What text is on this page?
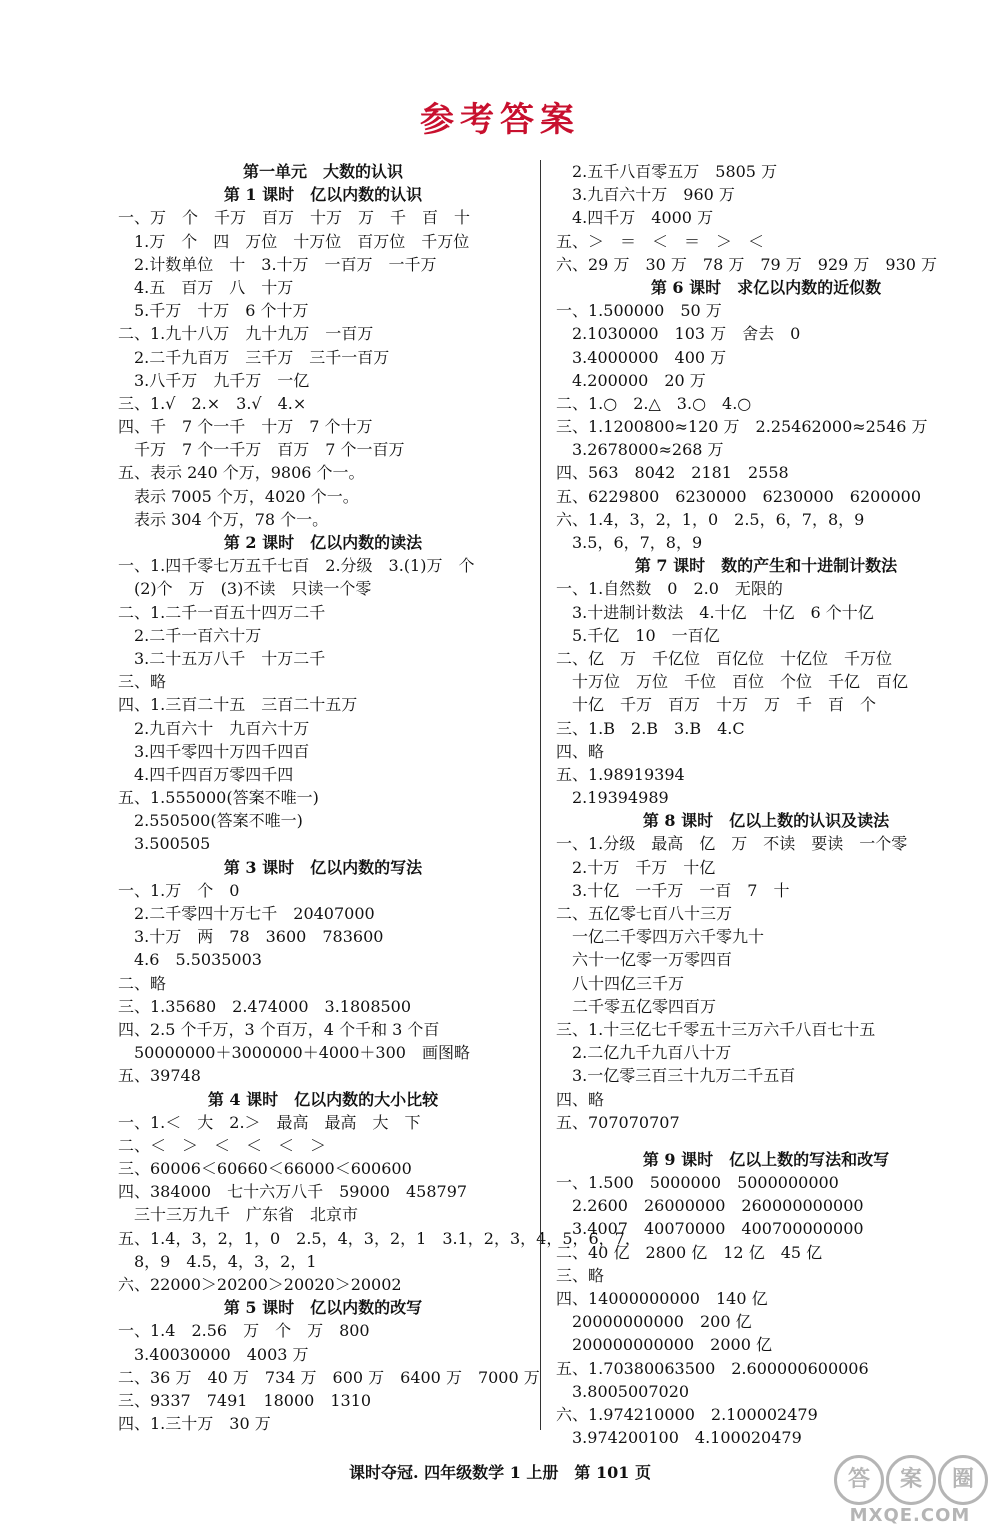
参考答案
第一单元　大数的认识
第 1 课时　亿以内数的认识
一、万　个　千万　百万　十万　万　千　百　十
　1.万　个　四　万位　十万位　百万位　千万位
　2.计数单位　十　3.十万　一百万　一千万
　4.五　百万　八　十万
　5.千万　十万　6 个十万
二、1.九十八万　九十九万　一百万
　2.二千九百万　三千万　三千一百万
　3.八千万　九千万　一亿
三、1.√　2.×　3.√　4.×
四、千　7 个一千　十万　7 个十万
　千万　7 个一千万　百万　7 个一百万
五、表示 240 个万，9806 个一。
　表示 7005 个万，4020 个一。
　表示 304 个万，78 个一。
第 2 课时　亿以内数的读法
一、1.四千零七万五千七百　2.分级　3.(1)万　个
　(2)个　万　(3)不读　只读一个零
二、1.二千一百五十四万二千
　2.二千一百六十万
　3.二十五万八千　十万二千
三、略
四、1.三百二十五　三百二十五万
　2.九百六十　九百六十万
　3.四千零四十万四千四百
　4.四千四百万零四千四
五、1.555000(答案不唯一)
　2.550500(答案不唯一)
　3.500505
第 3 课时　亿以内数的写法
一、1.万　个　0
　2.二千零四十万七千　20407000
　3.十万　两　78　3600　783600
　4.6　5.5035003
二、略
三、1.35680　2.474000　3.1808500
四、2.5 个千万，3 个百万，4 个千和 3 个百
　50000000＋3000000＋4000＋300　画图略
五、39748
第 4 课时　亿以内数的大小比较
一、1.＜　大　2.＞　最高　最高　大　下
二、＜　＞　＜　＜　＜　＞
三、60006＜60660＜66000＜600600
四、384000　七十六万八千　59000　458797
　三十三万九千　广东省　北京市
五、1.4，3，2，1，0　2.5，4，3，2，1　3.1，2，3，4，5，6，7，
　8，9　4.5，4，3，2，1
六、22000＞20200＞20020＞20002
第 5 课时　亿以内数的改写
一、1.4　2.56　万　个　万　800
　3.40030000　4003 万
二、36 万　40 万　734 万　600 万　6400 万　7000 万
三、9337　7491　18000　1310
四、1.三十万　30 万
　2.五千八百零五万　5805 万
　3.九百六十万　960 万
　4.四千万　4000 万
五、＞　＝　＜　＝　＞　＜
六、29 万　30 万　78 万　79 万　929 万　930 万
第 6 课时　求亿以内数的近似数
一、1.500000　50 万
　2.1030000　103 万　舍去　0
　3.4000000　400 万
　4.200000　20 万
二、1.○　2.△　3.○　4.○
三、1.1200800≈120 万　2.25462000≈2546 万
　3.2678000≈268 万
四、563　8042　2181　2558
五、6229800　6230000　6230000　6200000
六、1.4，3，2，1，0　2.5，6，7，8，9
　3.5，6，7，8，9
第 7 课时　数的产生和十进制计数法
一、1.自然数　0　2.0　无限的
　3.十进制计数法　4.十亿　十亿　6 个十亿
　5.千亿　10　一百亿
二、亿　万　千亿位　百亿位　十亿位　千万位
　十万位　万位　千位　百位　个位　千亿　百亿
　十亿　千万　百万　十万　万　千　百　个
三、1.B　2.B　3.B　4.C
四、略
五、1.98919394
　2.19394989
第 8 课时　亿以上数的认识及读法
一、1.分级　最高　亿　万　不读　要读　一个零
　2.十万　千万　十亿
　3.十亿　一千万　一百　7　十
二、五亿零七百八十三万
　一亿二千零四万六千零九十
　六十一亿零一万零四百
　八十四亿三千万
　二千零五亿零四百万
三、1.十三亿七千零五十三万六千八百七十五
　2.二亿九千九百八十万
　3.一亿零三百三十九万二千五百
四、略
五、707070707
第 9 课时　亿以上数的写法和改写
一、1.500　5000000　5000000000
　2.2600　26000000　260000000000
　3.4007　40070000　400700000000
二、40 亿　2800 亿　12 亿　45 亿
三、略
四、14000000000　140 亿
　20000000000　200 亿
　200000000000　2000 亿
五、1.70380063500　2.600000600006
　3.8005007020
六、1.974210000　2.100002479
　3.974200100　4.100020479
课时夺冠. 四年级数学 1 上册　第 101 页	答	案	圈
MXQE.COM
